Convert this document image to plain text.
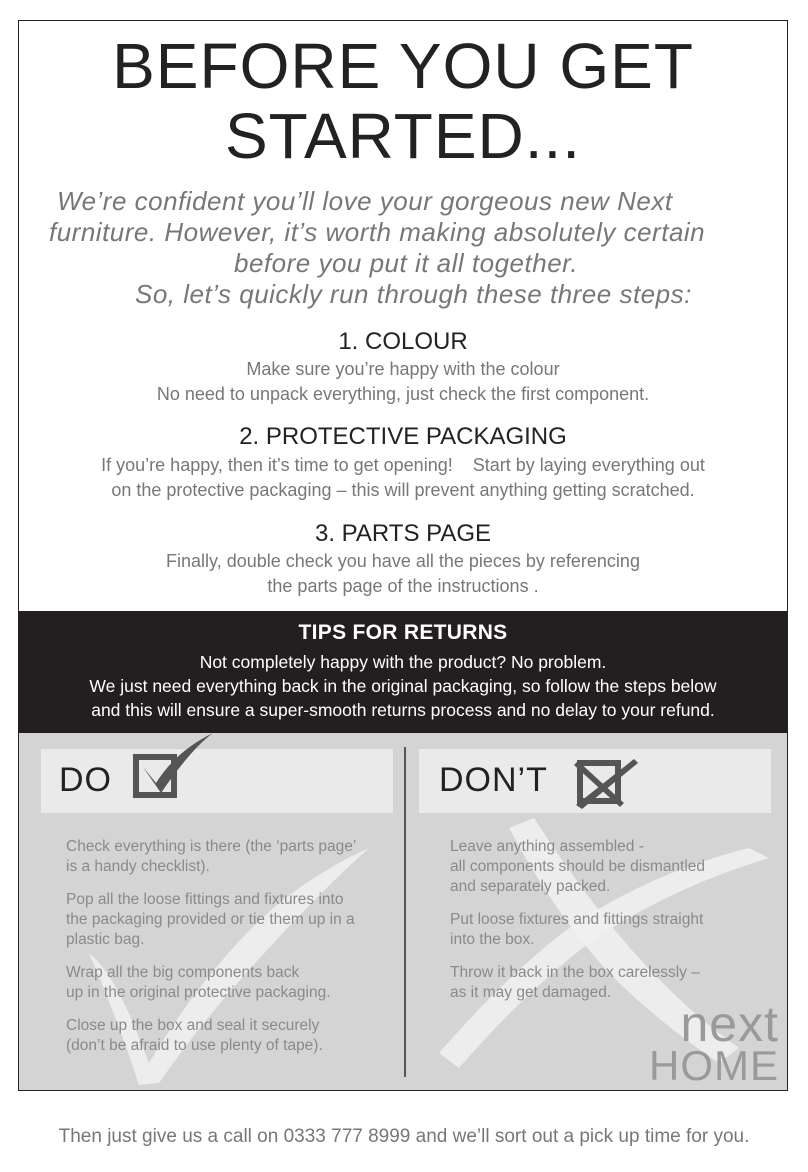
BEFORE YOU GET
STARTED...
We’re confident you’ll love your gorgeous new Next
furniture. However, it’s worth making absolutely certain
before you put it all together.
So, let’s quickly run through these three steps:
1. COLOUR
Make sure you’re happy with the colour
No need to unpack everything, just check the first component.
2. PROTECTIVE PACKAGING
If you’re happy, then it’s time to get opening!    Start by laying everything out
on the protective packaging – this will prevent anything getting scratched.
3. PARTS PAGE
Finally, double check you have all the pieces by referencing
the parts page of the instructions .
TIPS FOR RETURNS
Not completely happy with the product? No problem.
We just need everything back in the original packaging, so follow the steps below
and this will ensure a super-smooth returns process and no delay to your refund.
DO	DON’T
Check everything is there (the ‘parts page’
is a handy checklist).
Pop all the loose fittings and fixtures into
the packaging provided or tie them up in a
plastic bag.
Wrap all the big components back
up in the original protective packaging.
Close up the box and seal it securely
(don’t be afraid to use plenty of tape).
Leave anything assembled -
all components should be dismantled
and separately packed.
Put loose fixtures and fittings straight
into the box.
Throw it back in the box carelessly –
as it may get damaged.
next
HOME
Then just give us a call on 0333 777 8999 and we’ll sort out a pick up time for you.
